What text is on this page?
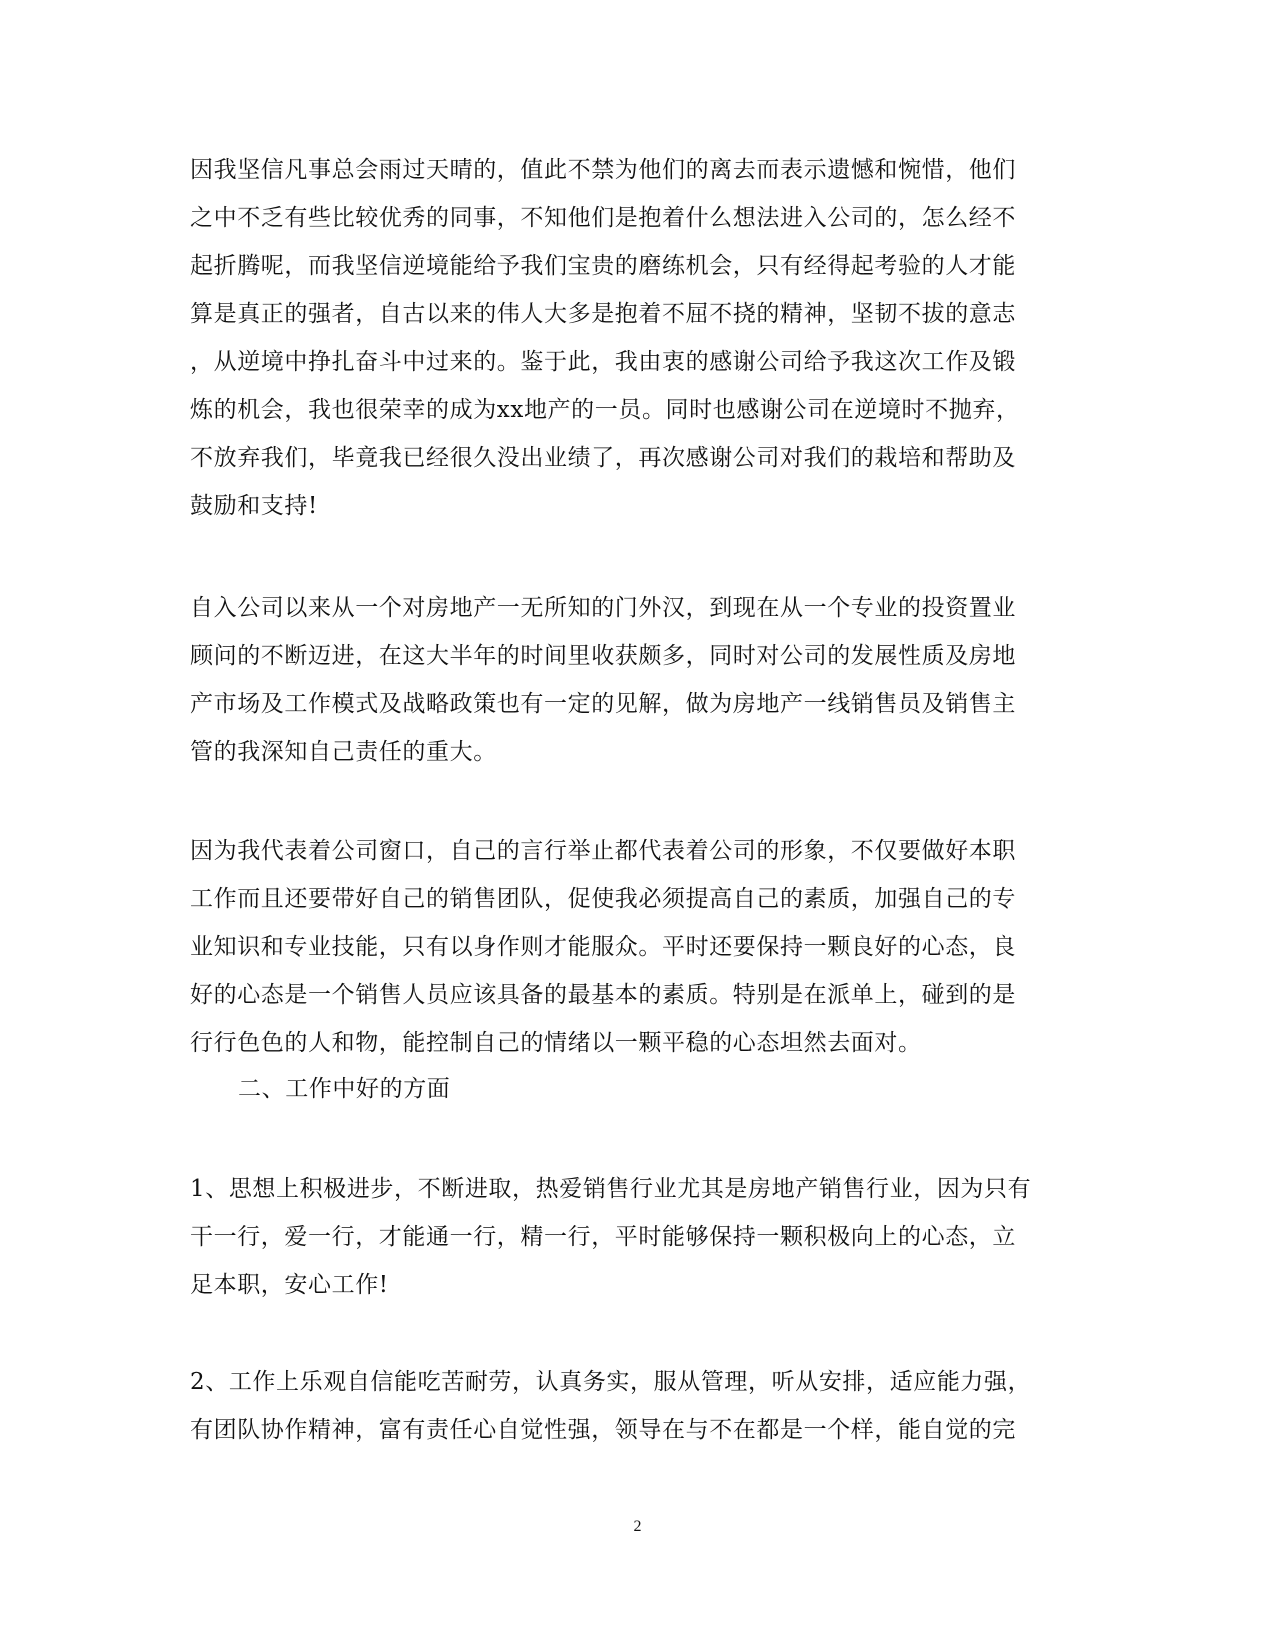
因我坚信凡事总会雨过天晴的，值此不禁为他们的离去而表示遗憾和惋惜，他们
之中不乏有些比较优秀的同事，不知他们是抱着什么想法进入公司的，怎么经不
起折腾呢，而我坚信逆境能给予我们宝贵的磨练机会，只有经得起考验的人才能
算是真正的强者，自古以来的伟人大多是抱着不屈不挠的精神，坚韧不拔的意志
，从逆境中挣扎奋斗中过来的。鉴于此，我由衷的感谢公司给予我这次工作及锻
炼的机会，我也很荣幸的成为xx地产的一员。同时也感谢公司在逆境时不抛弃，
不放弃我们，毕竟我已经很久没出业绩了，再次感谢公司对我们的栽培和帮助及
鼓励和支持!
自入公司以来从一个对房地产一无所知的门外汉，到现在从一个专业的投资置业
顾问的不断迈进，在这大半年的时间里收获颇多，同时对公司的发展性质及房地
产市场及工作模式及战略政策也有一定的见解，做为房地产一线销售员及销售主
管的我深知自己责任的重大。
因为我代表着公司窗口，自己的言行举止都代表着公司的形象，不仅要做好本职
工作而且还要带好自己的销售团队，促使我必须提高自己的素质，加强自己的专
业知识和专业技能，只有以身作则才能服众。平时还要保持一颗良好的心态，良
好的心态是一个销售人员应该具备的最基本的素质。特别是在派单上，碰到的是
行行色色的人和物，能控制自己的情绪以一颗平稳的心态坦然去面对。
二、工作中好的方面
1、思想上积极进步，不断进取，热爱销售行业尤其是房地产销售行业，因为只有
干一行，爱一行，才能通一行，精一行，平时能够保持一颗积极向上的心态，立
足本职，安心工作!
2、工作上乐观自信能吃苦耐劳，认真务实，服从管理，听从安排，适应能力强，
有团队协作精神，富有责任心自觉性强，领导在与不在都是一个样，能自觉的完
2
